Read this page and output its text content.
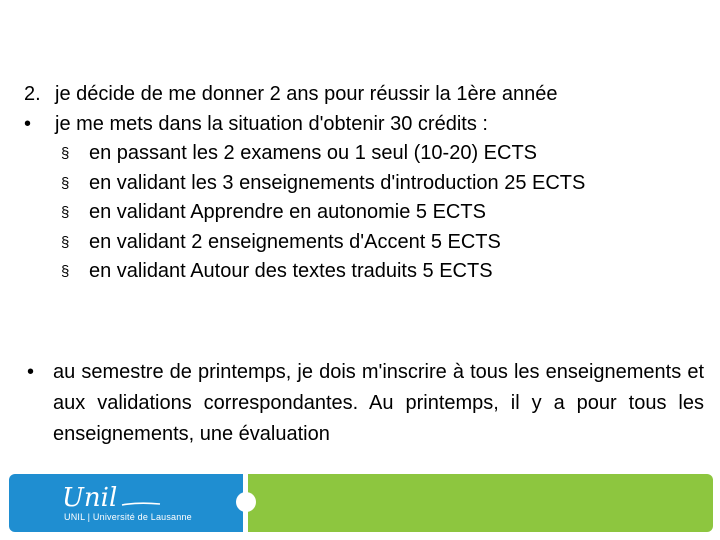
2. je décide de me donner 2 ans pour réussir la 1ère année
• je me mets dans la situation d'obtenir 30 crédits :
§ en passant les 2 examens ou 1 seul (10-20) ECTS
§ en validant les 3 enseignements d'introduction 25 ECTS
§ en validant Apprendre en autonomie 5 ECTS
§ en validant 2 enseignements d'Accent 5 ECTS
§ en validant Autour des textes traduits 5 ECTS
• au semestre de printemps, je dois m'inscrire à tous les enseignements et aux validations correspondantes. Au printemps, il y a pour tous les enseignements, une évaluation
Unil
UNIL | Université de Lausanne
